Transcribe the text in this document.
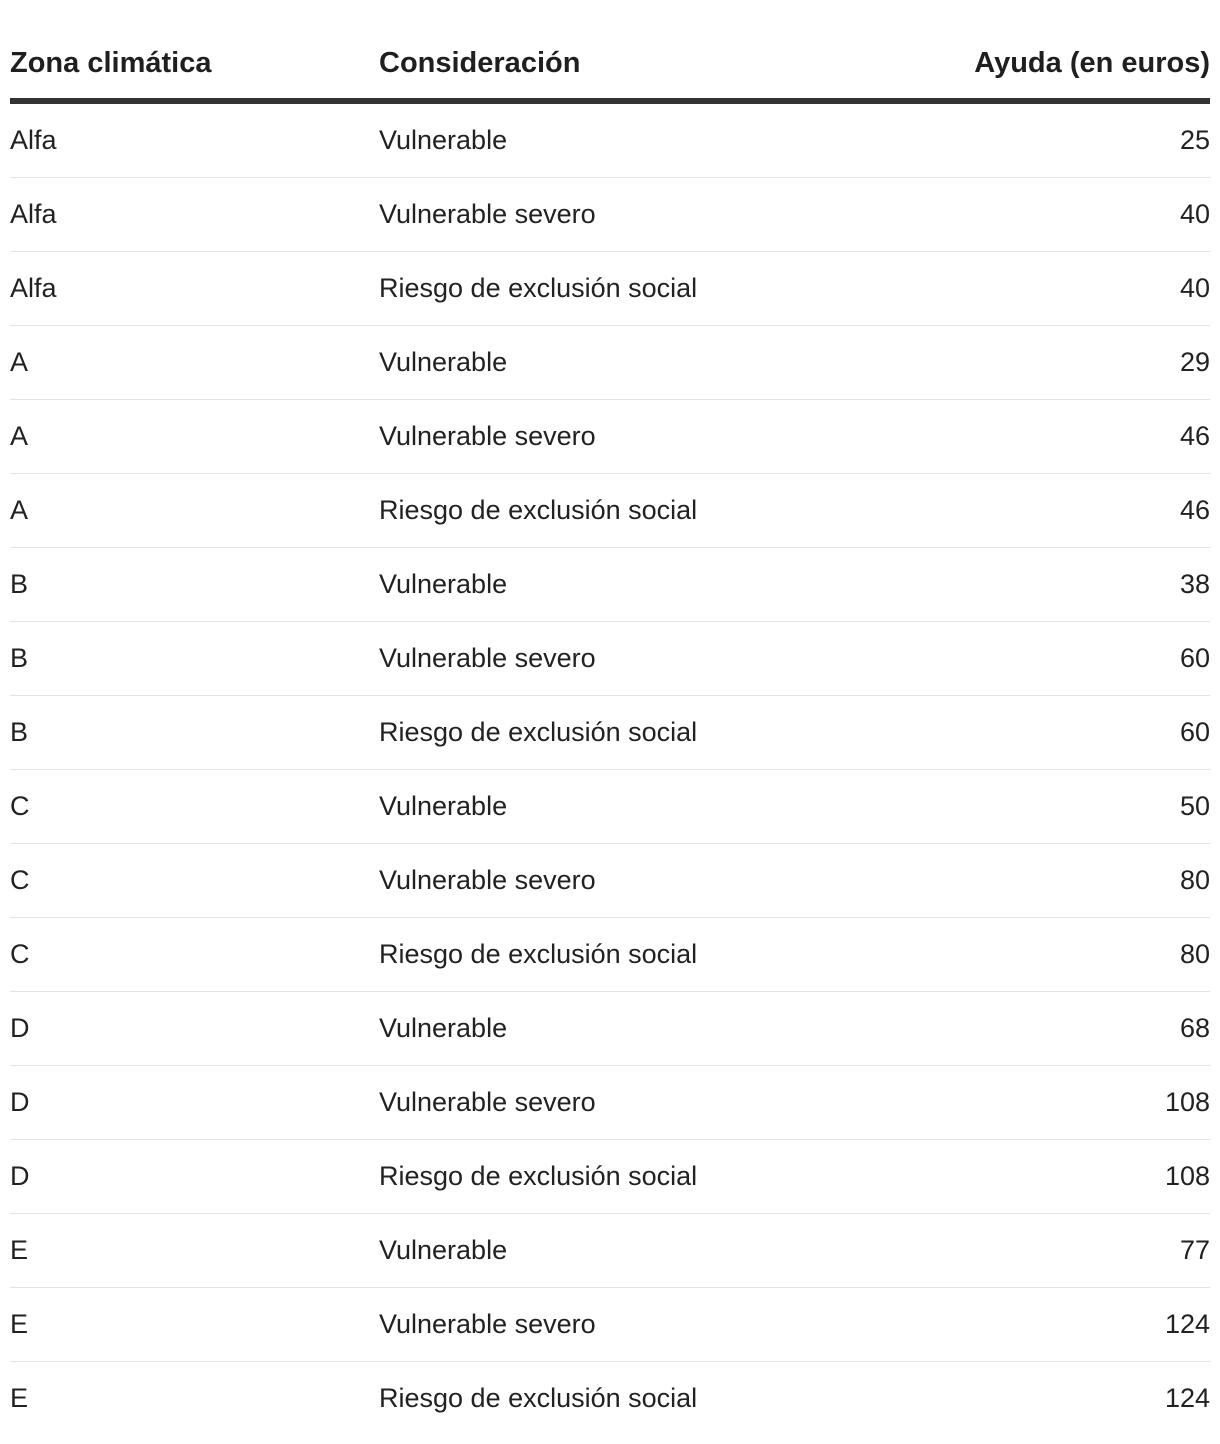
Zona climática	Consideración	Ayuda (en euros)
Alfa	Vulnerable	25
Alfa	Vulnerable severo	40
Alfa	Riesgo de exclusión social	40
A	Vulnerable	29
A	Vulnerable severo	46
A	Riesgo de exclusión social	46
B	Vulnerable	38
B	Vulnerable severo	60
B	Riesgo de exclusión social	60
C	Vulnerable	50
C	Vulnerable severo	80
C	Riesgo de exclusión social	80
D	Vulnerable	68
D	Vulnerable severo	108
D	Riesgo de exclusión social	108
E	Vulnerable	77
E	Vulnerable severo	124
E	Riesgo de exclusión social	124
